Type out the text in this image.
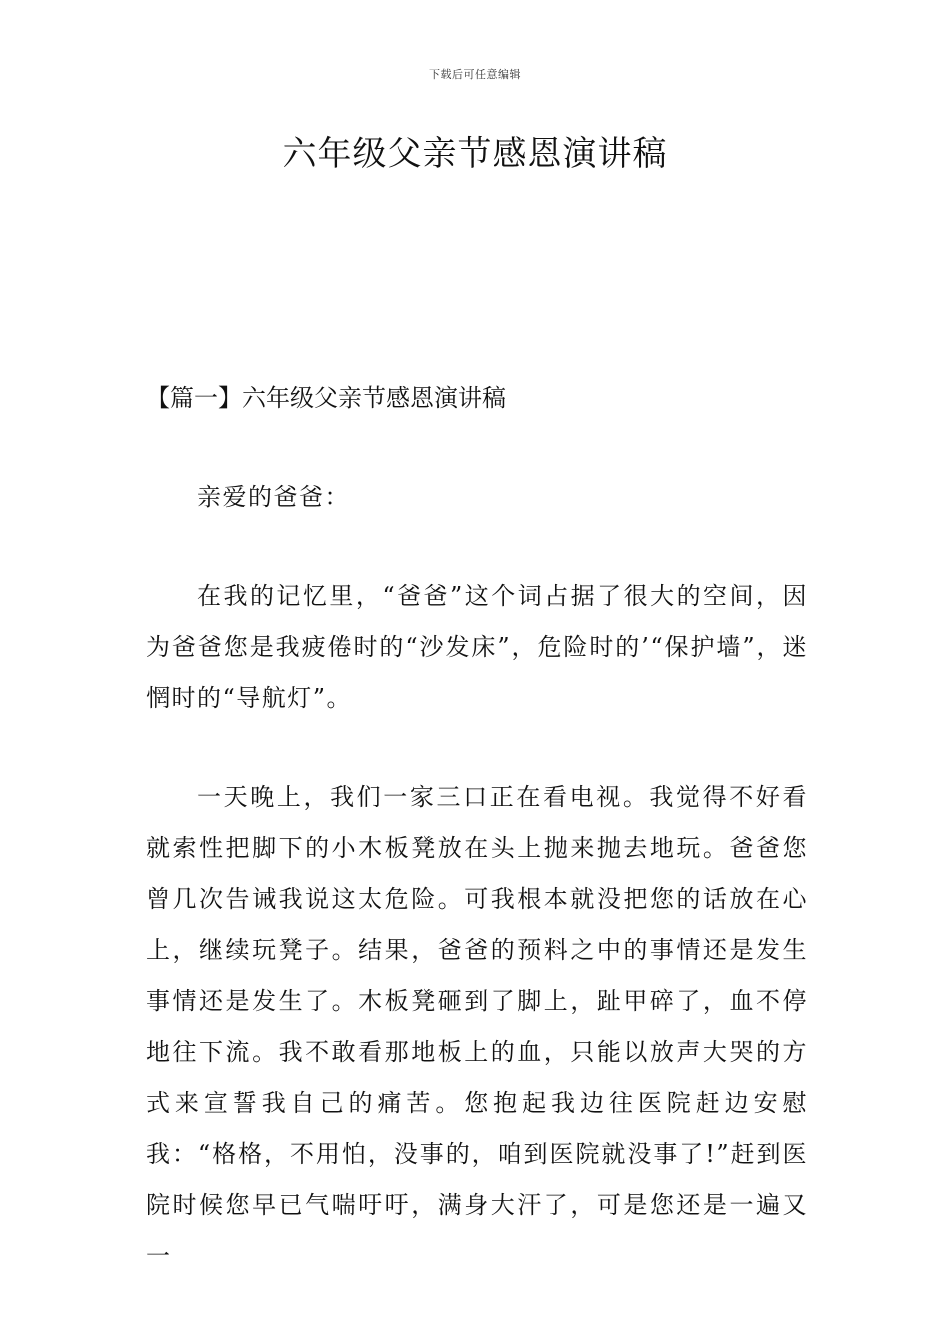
下载后可任意编辑
六年级父亲节感恩演讲稿
【篇一】六年级父亲节感恩演讲稿

亲爱的爸爸：

在我的记忆里，“爸爸”这个词占据了很大的空间，因为爸爸您是我疲倦时的“沙发床”，危险时的’“保护墙”，迷惘时的“导航灯”。

一天晚上，我们一家三口正在看电视。我觉得不好看就索性把脚下的小木板凳放在头上抛来抛去地玩。爸爸您曾几次告诫我说这太危险。可我根本就没把您的话放在心上，继续玩凳子。结果，爸爸的预料之中的事情还是发生事情还是发生了。木板凳砸到了脚上，趾甲碎了，血不停地往下流。我不敢看那地板上的血，只能以放声大哭的方式来宣誓我自己的痛苦。您抱起我边往医院赶边安慰我：“格格，不用怕，没事的，咱到医院就没事了!”赶到医院时候您早已气喘吁吁，满身大汗了，可是您还是一遍又一
